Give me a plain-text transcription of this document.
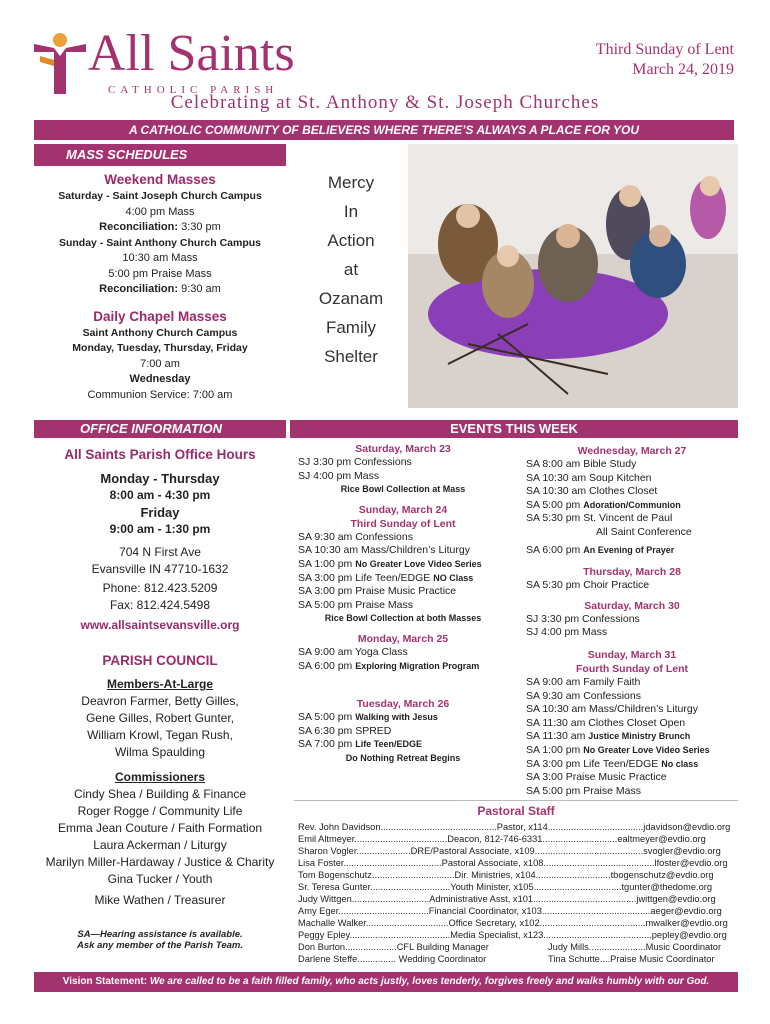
All Saints
CATHOLIC PARISH
Third Sunday of Lent
March 24, 2019
Celebrating at St. Anthony & St. Joseph Churches
A CATHOLIC COMMUNITY OF BELIEVERS WHERE THERE’S ALWAYS A PLACE FOR YOU
MASS SCHEDULES
Weekend Masses
Saturday - Saint Joseph Church Campus
4:00 pm Mass
Reconciliation: 3:30 pm
Sunday - Saint Anthony Church Campus
10:30 am Mass
5:00 pm Praise Mass
Reconciliation: 9:30 am
Daily Chapel Masses
Saint Anthony Church Campus
Monday, Tuesday, Thursday, Friday
7:00 am
Wednesday
Communion Service: 7:00 am
Mercy
In
Action
at
Ozanam
Family
Shelter
OFFICE INFORMATION
All Saints Parish Office Hours
Monday - Thursday
8:00 am - 4:30 pm
Friday
9:00 am - 1:30 pm
704 N First Ave
Evansville IN 47710-1632
Phone: 812.423.5209
Fax: 812.424.5498
www.allsaintsevansville.org
PARISH COUNCIL
Members-At-Large
Deavron Farmer, Betty Gilles,
Gene Gilles, Robert Gunter,
William Krowl, Tegan Rush,
Wilma Spaulding
Commissioners
Cindy Shea / Building & Finance
Roger Rogge / Community Life
Emma Jean Couture / Faith Formation
Laura Ackerman / Liturgy
Marilyn Miller-Hardaway / Justice & Charity
Gina Tucker / Youth
Mike Wathen / Treasurer
SA—Hearing assistance is available.
Ask any member of the Parish Team.
EVENTS THIS WEEK
Saturday, March 23
SJ 3:30 pm Confessions
SJ 4:00 pm Mass
Rice Bowl Collection at Mass
Sunday, March 24
Third Sunday of Lent
SA 9:30 am Confessions
SA 10:30 am Mass/Children’s Liturgy
SA 1:00 pm No Greater Love Video Series
SA 3:00 pm Life Teen/EDGE NO Class
SA 3:00 pm Praise Music Practice
SA 5:00 pm Praise Mass
Rice Bowl Collection at both Masses
Monday, March 25
SA 9:00 am Yoga Class
SA 6:00 pm Exploring Migration Program
Tuesday, March 26
SA 5:00 pm Walking with Jesus
SA 6:30 pm SPRED
SA 7:00 pm Life Teen/EDGE
Do Nothing Retreat Begins
Wednesday, March 27
SA 8:00 am Bible Study
SA 10:30 am Soup Kitchen
SA 10:30 am Clothes Closet
SA 5:00 pm Adoration/Communion
SA 5:30 pm St. Vincent de Paul
All Saint Conference
SA 6:00 pm An Evening of Prayer
Thursday, March 28
SA 5:30 pm Choir Practice
Saturday, March 30
SJ 3:30 pm Confessions
SJ 4:00 pm Mass
Sunday, March 31
Fourth Sunday of Lent
SA 9:00 am Family Faith
SA 9:30 am Confessions
SA 10:30 am Mass/Children’s Liturgy
SA 11:30 am Clothes Closet Open
SA 11:30 am Justice Ministry Brunch
SA 1:00 pm No Greater Love Video Series
SA 3:00 pm Life Teen/EDGE No class
SA 3:00 Praise Music Practice
SA 5:00 pm Praise Mass
Pastoral Staff
Rev. John Davidson.............................................Pastor, x114.....................................jdavidson@evdio.org
Emil Altmeyer....................................Deacon, 812-746-6331.............................ealtmeyer@evdio.org
Sharon Vogler.....................DRE/Pastoral Associate, x109..........................................svogler@evdio.org
Lisa Foster......................................Pastoral Associate, x108...........................................lfoster@evdio.org
Tom Bogenschutz................................Dir. Ministries, x104.............................tbogenschutz@evdio.org
Sr. Teresa Gunter...............................Youth Minister, x105..................................tgunter@thedome.org
Judy Wittgen..............................Administrative Asst, x101........................................jwittgen@evdio.org
Amy Eger...................................Financial Coordinator, x103..........................................aeger@evdio.org
Machalle Walker................................Office Secretary, x102.........................................mwalker@evdio.org
Peggy Epley.......................................Media Specialist, x123..........................................pepley@evdio.org
Don Burton....................CFL Building Manager	Judy Mills......................Music Coordinator
Darlene Steffe............... Wedding Coordinator	Tina Schutte....Praise Music Coordinator
Vision Statement: We are called to be a faith filled family, who acts justly, loves tenderly, forgives freely and walks humbly with our God.
